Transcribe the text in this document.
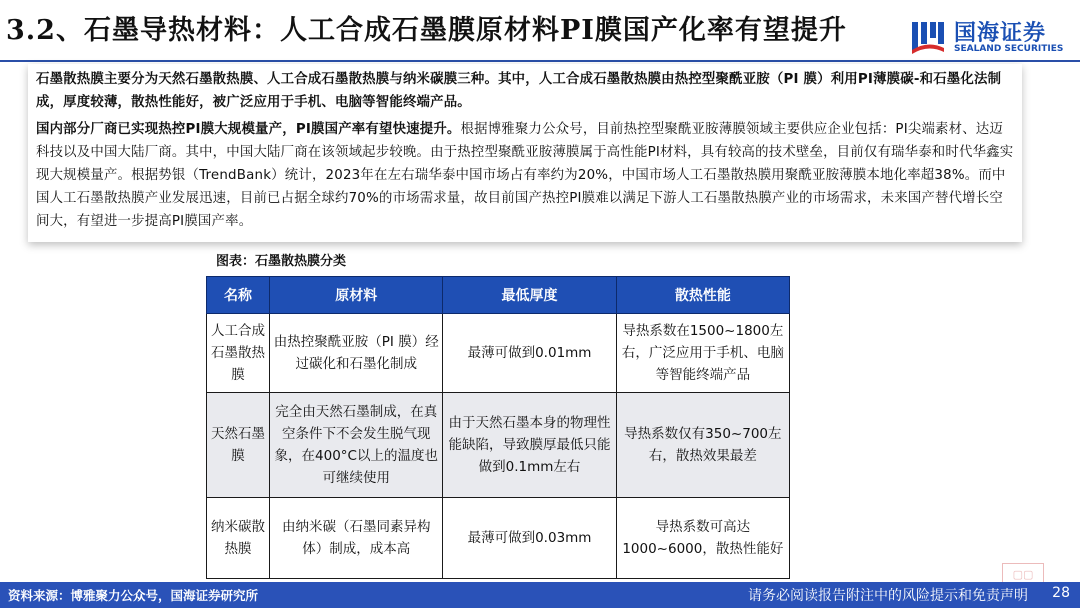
3.2、石墨导热材料：人工合成石墨膜原材料PI膜国产化率有望提升	国海证券
SEALAND SECURITIES

石墨散热膜主要分为天然石墨散热膜、人工合成石墨散热膜与纳米碳膜三种。其中，人工合成石墨散热膜由热控型聚酰亚胺（PI 膜）利用PI薄膜碳-和石墨化法制成，厚度较薄，散热性能好，被广泛应用于手机、电脑等智能终端产品。

国内部分厂商已实现热控PI膜大规模量产，PI膜国产率有望快速提升。根据博雅聚力公众号，目前热控型聚酰亚胺薄膜领域主要供应企业包括：PI尖端素材、达迈科技以及中国大陆厂商。其中，中国大陆厂商在该领域起步较晚。由于热控型聚酰亚胺薄膜属于高性能PI材料，具有较高的技术壁垒，目前仅有瑞华泰和时代华鑫实现大规模量产。根据势银（TrendBank）统计，2023年在左右瑞华泰中国市场占有率约为20%，中国市场人工石墨散热膜用聚酰亚胺薄膜本地化率超38%。而中国人工石墨散热膜产业发展迅速，目前已占据全球约70%的市场需求量，故目前国产热控PI膜难以满足下游人工石墨散热膜产业的市场需求，未来国产替代增长空间大，有望进一步提高PI膜国产率。

图表：石墨散热膜分类
名称	原材料	最低厚度	散热性能
人工合成石墨散热膜	由热控聚酰亚胺（PI 膜）经过碳化和石墨化制成	最薄可做到0.01mm	导热系数在1500~1800左右，广泛应用于手机、电脑等智能终端产品
天然石墨膜	完全由天然石墨制成，在真空条件下不会发生脱气现象，在400°C以上的温度也可继续使用	由于天然石墨本身的物理性能缺陷，导致膜厚最低只能做到0.1mm左右	导热系数仅有350~700左右，散热效果最差
纳米碳散热膜	由纳米碳（石墨同素异构体）制成，成本高	最薄可做到0.03mm	导热系数可高达1000~6000，散热性能好
▢▢
资料来源：博雅聚力公众号，国海证券研究所	请务必阅读报告附注中的风险提示和免责声明 28
